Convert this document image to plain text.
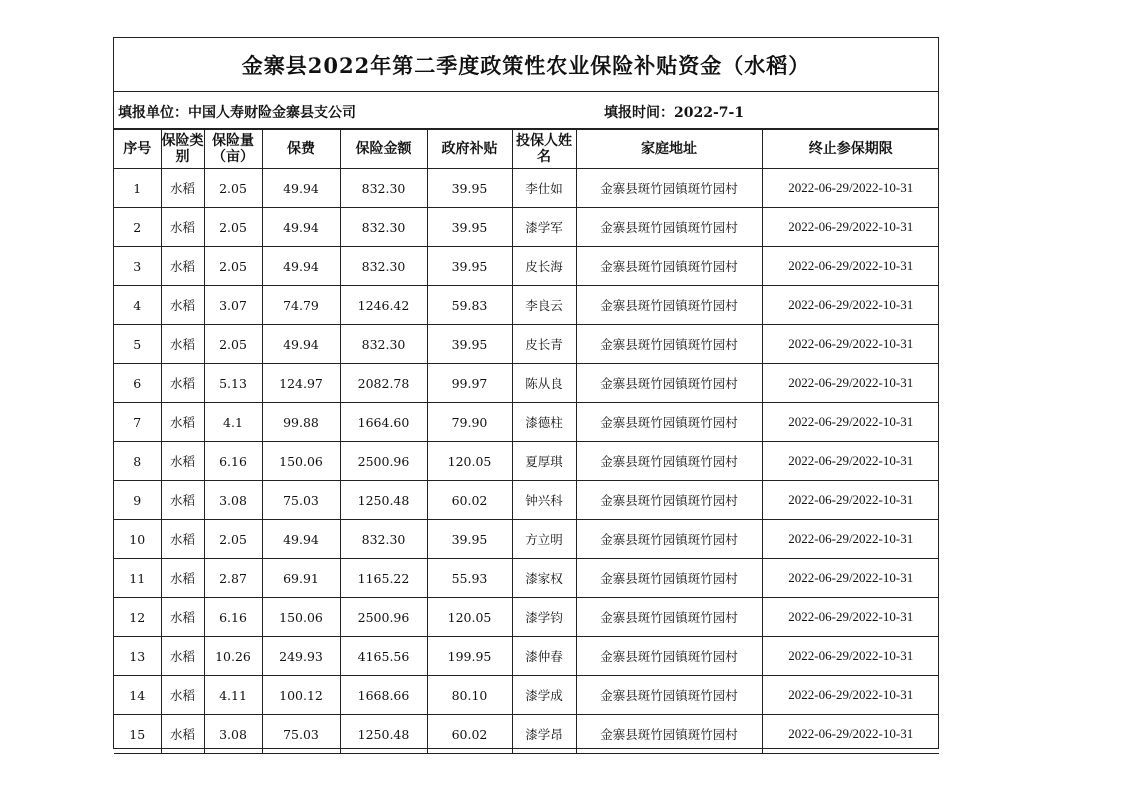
金寨县2022年第二季度政策性农业保险补贴资金（水稻）
填报单位：中国人寿财险金寨县支公司	填报时间：2022-7-1
序号	保险类别	保险量（亩）	保费	保险金额	政府补贴	投保人姓名	家庭地址	终止参保期限
1	水稻	2.05	49.94	832.30	39.95	李仕如	金寨县斑竹园镇斑竹园村	2022-06-29/2022-10-31
2	水稻	2.05	49.94	832.30	39.95	漆学军	金寨县斑竹园镇斑竹园村	2022-06-29/2022-10-31
3	水稻	2.05	49.94	832.30	39.95	皮长海	金寨县斑竹园镇斑竹园村	2022-06-29/2022-10-31
4	水稻	3.07	74.79	1246.42	59.83	李良云	金寨县斑竹园镇斑竹园村	2022-06-29/2022-10-31
5	水稻	2.05	49.94	832.30	39.95	皮长青	金寨县斑竹园镇斑竹园村	2022-06-29/2022-10-31
6	水稻	5.13	124.97	2082.78	99.97	陈从良	金寨县斑竹园镇斑竹园村	2022-06-29/2022-10-31
7	水稻	4.1	99.88	1664.60	79.90	漆德柱	金寨县斑竹园镇斑竹园村	2022-06-29/2022-10-31
8	水稻	6.16	150.06	2500.96	120.05	夏厚琪	金寨县斑竹园镇斑竹园村	2022-06-29/2022-10-31
9	水稻	3.08	75.03	1250.48	60.02	钟兴科	金寨县斑竹园镇斑竹园村	2022-06-29/2022-10-31
10	水稻	2.05	49.94	832.30	39.95	方立明	金寨县斑竹园镇斑竹园村	2022-06-29/2022-10-31
11	水稻	2.87	69.91	1165.22	55.93	漆家权	金寨县斑竹园镇斑竹园村	2022-06-29/2022-10-31
12	水稻	6.16	150.06	2500.96	120.05	漆学钧	金寨县斑竹园镇斑竹园村	2022-06-29/2022-10-31
13	水稻	10.26	249.93	4165.56	199.95	漆仲春	金寨县斑竹园镇斑竹园村	2022-06-29/2022-10-31
14	水稻	4.11	100.12	1668.66	80.10	漆学成	金寨县斑竹园镇斑竹园村	2022-06-29/2022-10-31
15	水稻	3.08	75.03	1250.48	60.02	漆学昂	金寨县斑竹园镇斑竹园村	2022-06-29/2022-10-31
